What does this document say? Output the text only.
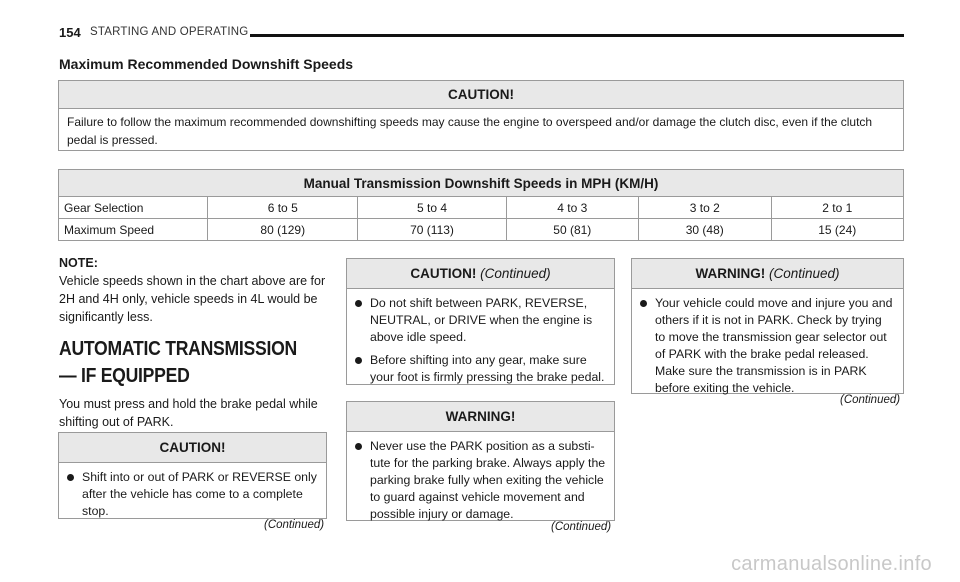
154 STARTING AND OPERATING
Maximum Recommended Downshift Speeds
CAUTION!
Failure to follow the maximum recommended downshifting speeds may cause the engine to overspeed and/or damage the clutch disc, even if the clutch pedal is pressed.
Manual Transmission Downshift Speeds in MPH (KM/H)					
Gear Selection	6 to 5	5 to 4	4 to 3	3 to 2	2 to 1
Maximum Speed	80 (129)	70 (113)	50 (81)	30 (48)	15 (24)
NOTE:
Vehicle speeds shown in the chart above are for 2H and 4H only, vehicle speeds in 4L would be significantly less.
AUTOMATIC TRANSMISSION — IF EQUIPPED
You must press and hold the brake pedal while shifting out of PARK.
CAUTION!
Shift into or out of PARK or REVERSE only after the vehicle has come to a complete stop.
(Continued)
CAUTION! (Continued)
Do not shift between PARK, REVERSE, NEUTRAL, or DRIVE when the engine is above idle speed.
Before shifting into any gear, make sure your foot is firmly pressing the brake pedal.
WARNING!
Never use the PARK position as a substi- tute for the parking brake. Always apply the parking brake fully when exiting the vehicle to guard against vehicle movement and possible injury or damage.
(Continued)
WARNING! (Continued)
Your vehicle could move and injure you and others if it is not in PARK. Check by trying to move the transmission gear selector out of PARK with the brake pedal released. Make sure the transmission is in PARK before exiting the vehicle.
(Continued)
carmanualsonline.info
